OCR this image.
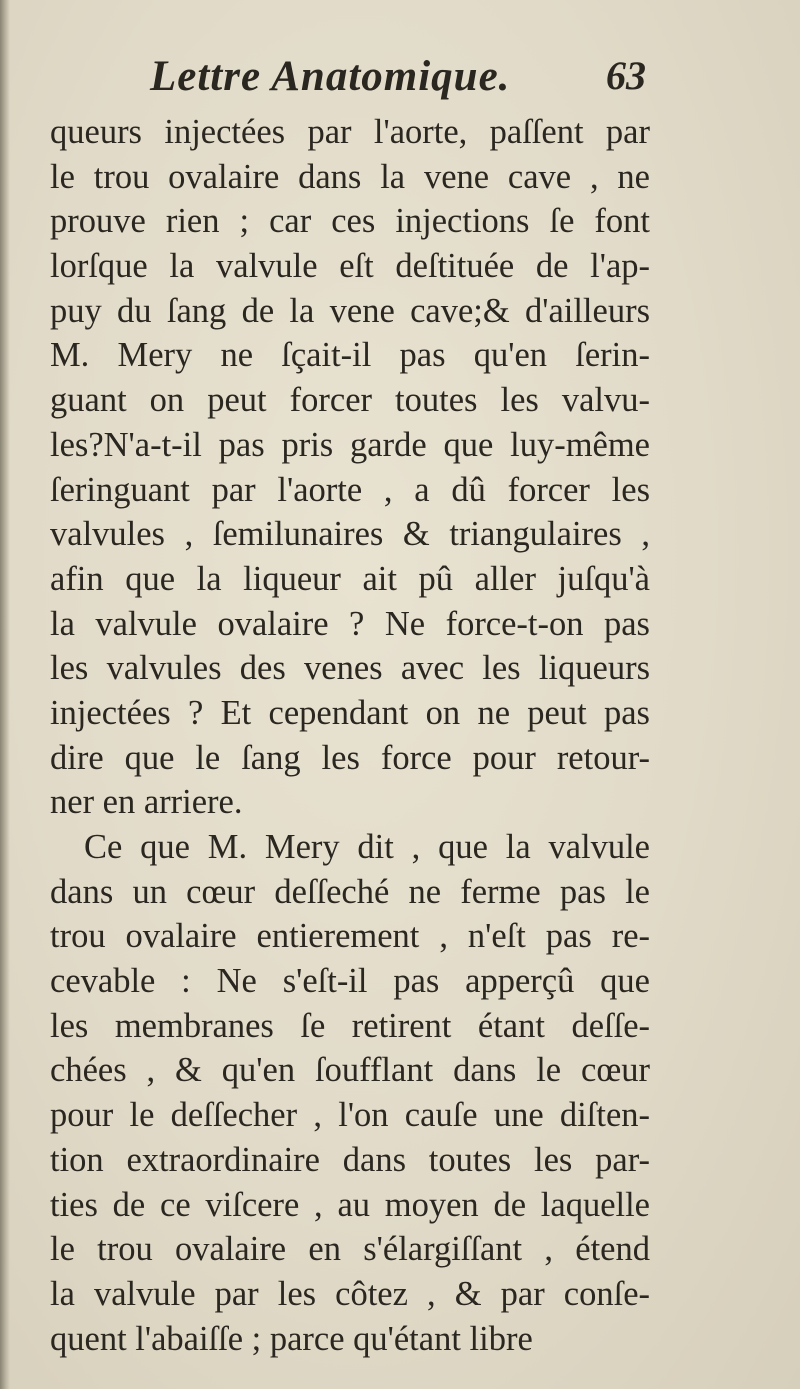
Lettre Anatomique. 63
queurs injectées par l'aorte, paſſent par
le trou ovalaire dans la vene cave , ne
prouve rien ; car ces injections ſe font
lorſque la valvule eſt deſtituée de l'ap-
puy du ſang de la vene cave;& d'ailleurs
M. Mery ne ſçait-il pas qu'en ſerin-
guant on peut forcer toutes les valvu-
les?N'a-t-il pas pris garde que luy-même
ſeringuant par l'aorte , a dû forcer les
valvules , ſemilunaires & triangulaires ,
afin que la liqueur ait pû aller juſqu'à
la valvule ovalaire ? Ne force-t-on pas
les valvules des venes avec les liqueurs
injectées ? Et cependant on ne peut pas
dire que le ſang les force pour retour-
ner en arriere.
Ce que M. Mery dit , que la valvule
dans un cœur deſſeché ne ferme pas le
trou ovalaire entierement , n'eſt pas re-
cevable : Ne s'eſt-il pas apperçû que
les membranes ſe retirent étant deſſe-
chées , & qu'en ſoufflant dans le cœur
pour le deſſecher , l'on cauſe une diſten-
tion extraordinaire dans toutes les par-
ties de ce viſcere , au moyen de laquelle
le trou ovalaire en s'élargiſſant , étend
la valvule par les côtez , & par conſe-
quent l'abaiſſe ; parce qu'étant libre
